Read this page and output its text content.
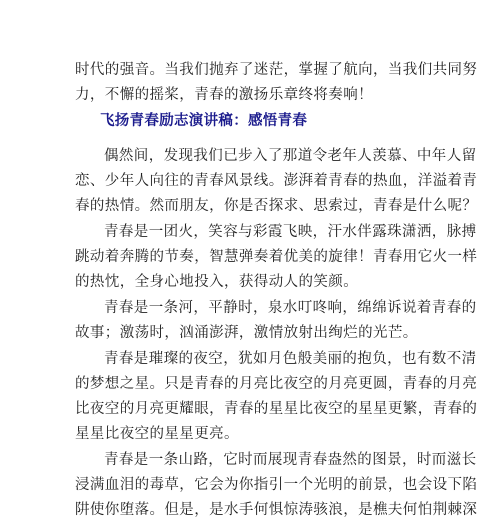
时代的强音。当我们抛弃了迷茫，掌握了航向，当我们共同努
力，不懈的摇桨，青春的激扬乐章终将奏响！
飞扬青春励志演讲稿：感悟青春
偶然间，发现我们已步入了那道令老年人羡慕、中年人留
恋、少年人向往的青春风景线。澎湃着青春的热血，洋溢着青
春的热情。然而朋友，你是否探求、思索过，青春是什么呢？
青春是一团火，笑容与彩霞飞映，汗水伴露珠潇洒，脉搏
跳动着奔腾的节奏，智慧弹奏着优美的旋律！青春用它火一样
的热忱，全身心地投入，获得动人的笑颜。
青春是一条河，平静时，泉水叮咚响，绵绵诉说着青春的
故事；激荡时，汹涌澎湃，激情放射出绚烂的光芒。
青春是璀璨的夜空，犹如月色般美丽的抱负，也有数不清
的梦想之星。只是青春的月亮比夜空的月亮更圆，青春的月亮
比夜空的月亮更耀眼，青春的星星比夜空的星星更繁，青春的
星星比夜空的星星更亮。
青春是一条山路，它时而展现青春盎然的图景，时而滋长
浸满血泪的毒草，它会为你指引一个光明的前景，也会设下陷
阱使你堕落。但是，是水手何惧惊涛骇浪，是樵夫何怕荆棘深
